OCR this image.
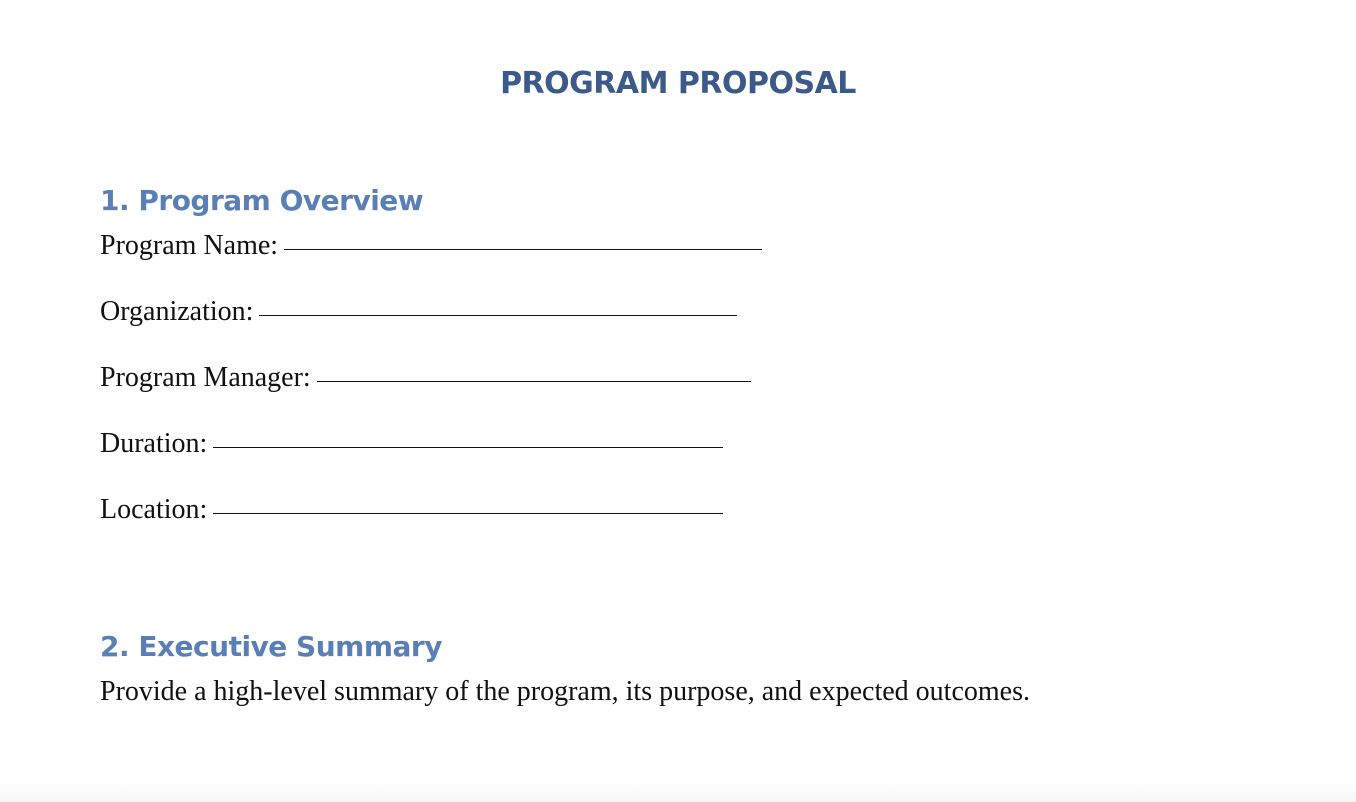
PROGRAM PROPOSAL
1. Program Overview
Program Name:
Organization:
Program Manager:
Duration:
Location:
2. Executive Summary

Provide a high-level summary of the program, its purpose, and expected outcomes.
